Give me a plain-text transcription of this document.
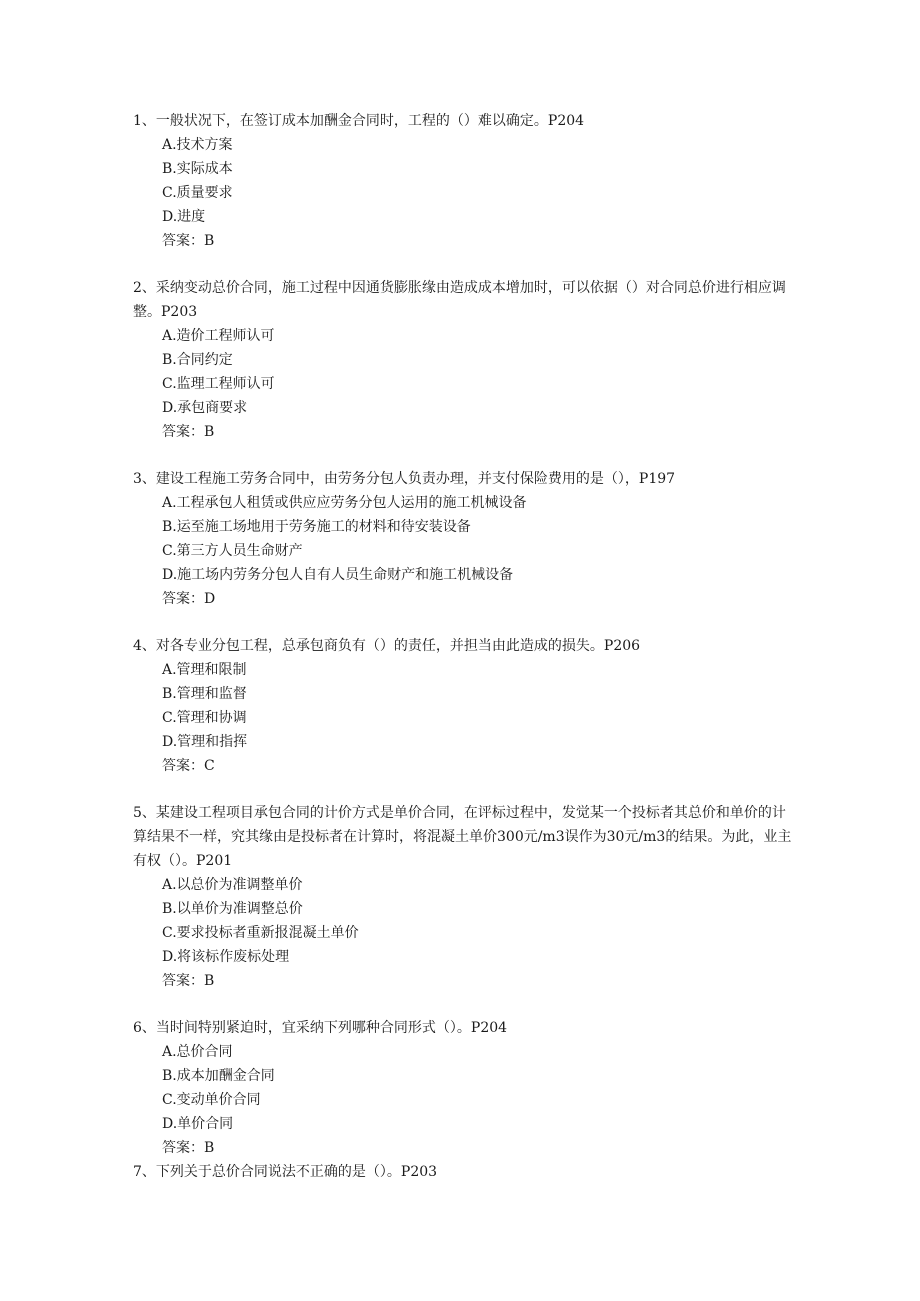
1、一般状况下，在签订成本加酬金合同时，工程的（）难以确定。P204

A.技术方案

B.实际成本

C.质量要求

D.进度

答案：B

2、采纳变动总价合同，施工过程中因通货膨胀缘由造成成本增加时，可以依据（）对合同总价进行相应调整。P203

A.造价工程师认可

B.合同约定

C.监理工程师认可

D.承包商要求

答案：B

3、建设工程施工劳务合同中，由劳务分包人负责办理，并支付保险费用的是（），P197

A.工程承包人租赁或供应应劳务分包人运用的施工机械设备

B.运至施工场地用于劳务施工的材料和待安装设备

C.第三方人员生命财产

D.施工场内劳务分包人自有人员生命财产和施工机械设备

答案：D

4、对各专业分包工程，总承包商负有（）的责任，并担当由此造成的损失。P206

A.管理和限制

B.管理和监督

C.管理和协调

D.管理和指挥

答案：C

5、某建设工程项目承包合同的计价方式是单价合同，在评标过程中，发觉某一个投标者其总价和单价的计算结果不一样，究其缘由是投标者在计算时，将混凝土单价300元/m3误作为30元/m3的结果。为此，业主有权（）。P201

A.以总价为准调整单价

B.以单价为准调整总价

C.要求投标者重新报混凝土单价

D.将该标作废标处理

答案：B

6、当时间特别紧迫时，宜采纳下列哪种合同形式（）。P204

A.总价合同

B.成本加酬金合同

C.变动单价合同

D.单价合同

答案：B

7、下列关于总价合同说法不正确的是（）。P203
